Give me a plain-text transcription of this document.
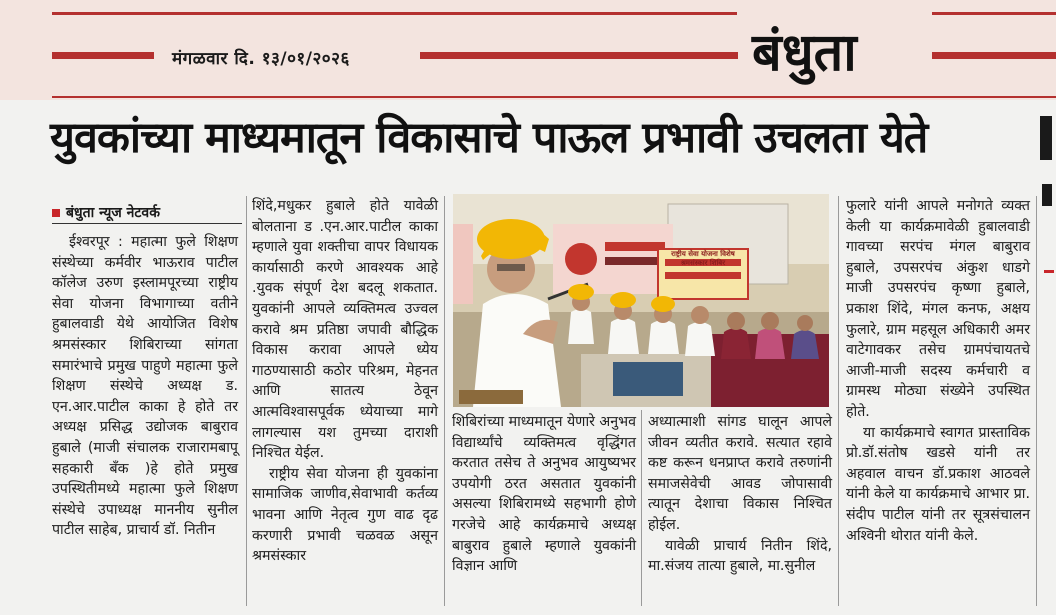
मंगळवार दि. १३/०१/२०२६	बंधुता
युवकांच्या माध्यमातून विकासाचे पाऊल प्रभावी उचलता येते
बंधुता न्यूज नेटवर्क

ईश्वरपूर : महात्मा फुले शिक्षण संस्थेच्या कर्मवीर भाऊराव पाटील कॉलेज उरुण इस्लामपूरच्या राष्ट्रीय सेवा योजना विभागाच्या वतीने हुबालवाडी येथे आयोजित विशेष श्रमसंस्कार शिबिराच्या सांगता समारंभाचे प्रमुख पाहुणे महात्मा फुले शिक्षण संस्थेचे अध्यक्ष ड. एन.आर.पाटील काका हे होते तर अध्यक्ष प्रसिद्ध उद्योजक बाबुराव हुबाले (माजी संचालक राजारामबापू सहकारी बँक )हे होते प्रमुख उपस्थितीमध्ये महात्मा फुले शिक्षण संस्थेचे उपाध्यक्ष माननीय सुनील पाटील साहेब, प्राचार्य डॉ. नितीन

शिंदे,मधुकर हुबाले होते यावेळी बोलताना ड .एन.आर.पाटील काका म्हणाले युवा शक्तीचा वापर विधायक कार्यासाठी करणे आवश्यक आहे .युवक संपूर्ण देश बदलू शकतात. युवकांनी आपले व्यक्तिमत्व उज्वल करावे श्रम प्रतिष्ठा जपावी बौद्धिक विकास करावा आपले ध्येय गाठण्यासाठी कठोर परिश्रम, मेहनत आणि सातत्य ठेवून आत्मविश्वासपूर्वक ध्येयाच्या मागे लागल्यास यश तुमच्या दाराशी निश्चित येईल.

राष्ट्रीय सेवा योजना ही युवकांना सामाजिक जाणीव,सेवाभावी कर्तव्य भावना आणि नेतृत्व गुण वाढ दृढ करणारी प्रभावी चळवळ असून श्रमसंस्कार

शिबिरांच्या माध्यमातून येणारे अनुभव विद्यार्थ्यांचे व्यक्तिमत्व वृद्धिंगत करतात तसेच ते अनुभव आयुष्यभर उपयोगी ठरत असतात युवकांनी असल्या शिबिरामध्ये सहभागी होणे गरजेचे आहे कार्यक्रमाचे अध्यक्ष बाबुराव हुबाले म्हणाले युवकांनी विज्ञान आणि

अध्यात्माशी सांगड घालून आपले जीवन व्यतीत करावे. सत्यात रहावे कष्ट करून धनप्राप्त करावे तरुणांनी समाजसेवेची आवड जोपासावी त्यातून देशाचा विकास निश्चित होईल.

यावेळी प्राचार्य नितीन शिंदे, मा.संजय तात्या हुबाले, मा.सुनील

फुलारे यांनी आपले मनोगते व्यक्त केली या कार्यक्रमावेळी हुबालवाडी गावच्या सरपंच मंगल बाबुराव हुबाले, उपसरपंच अंकुश धाडगे माजी उपसरपंच कृष्णा हुबाले, प्रकाश शिंदे, मंगल कनफ, अक्षय फुलारे, ग्राम महसूल अधिकारी अमर वाटेगावकर तसेच ग्रामपंचायतचे आजी-माजी सदस्य कर्मचारी व ग्रामस्थ मोठ्या संख्येने उपस्थित होते.

या कार्यक्रमाचे स्वागत प्रास्ताविक प्रो.डॉ.संतोष खडसे यांनी तर अहवाल वाचन डॉ.प्रकाश आठवले यांनी केले या कार्यक्रमाचे आभार प्रा. संदीप पाटील यांनी तर सूत्रसंचालन अश्विनी थोरात यांनी केले.

राष्ट्रीय सेवा योजना विशेष श्रमसंस्कार शिबिर
